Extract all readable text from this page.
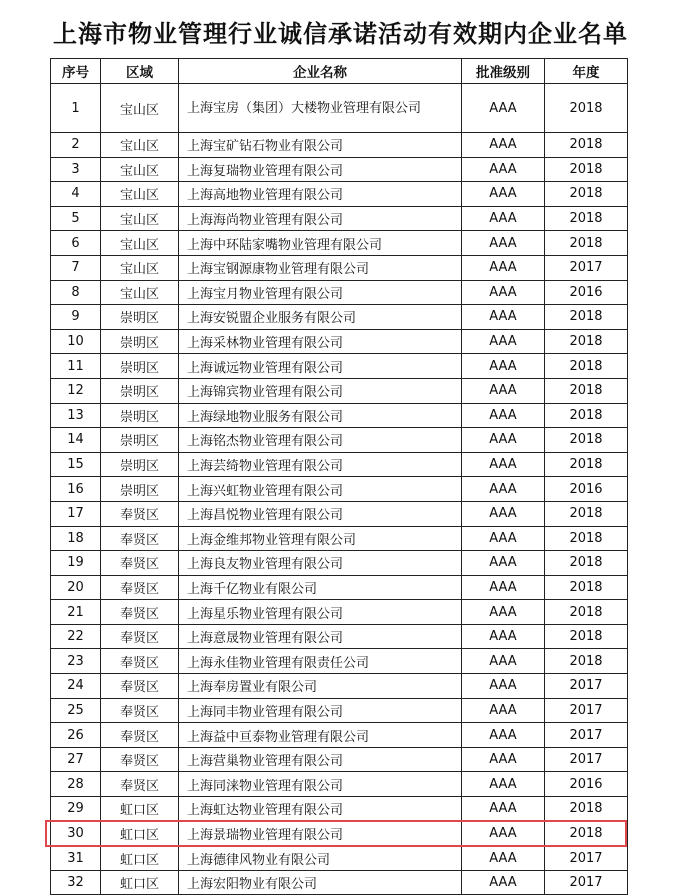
上海市物业管理行业诚信承诺活动有效期内企业名单
序号	区域	企业名称	批准级别	年度
1	宝山区	上海宝房（集团）大楼物业管理有限公司	AAA	2018
2	宝山区	上海宝矿钻石物业有限公司	AAA	2018
3	宝山区	上海复瑞物业管理有限公司	AAA	2018
4	宝山区	上海高地物业管理有限公司	AAA	2018
5	宝山区	上海海尚物业管理有限公司	AAA	2018
6	宝山区	上海中环陆家嘴物业管理有限公司	AAA	2018
7	宝山区	上海宝钢源康物业管理有限公司	AAA	2017
8	宝山区	上海宝月物业管理有限公司	AAA	2016
9	崇明区	上海安锐盟企业服务有限公司	AAA	2018
10	崇明区	上海采林物业管理有限公司	AAA	2018
11	崇明区	上海诚远物业管理有限公司	AAA	2018
12	崇明区	上海锦宾物业管理有限公司	AAA	2018
13	崇明区	上海绿地物业服务有限公司	AAA	2018
14	崇明区	上海铭杰物业管理有限公司	AAA	2018
15	崇明区	上海芸绮物业管理有限公司	AAA	2018
16	崇明区	上海兴虹物业管理有限公司	AAA	2016
17	奉贤区	上海昌悦物业管理有限公司	AAA	2018
18	奉贤区	上海金维邦物业管理有限公司	AAA	2018
19	奉贤区	上海良友物业管理有限公司	AAA	2018
20	奉贤区	上海千亿物业有限公司	AAA	2018
21	奉贤区	上海星乐物业管理有限公司	AAA	2018
22	奉贤区	上海意晟物业管理有限公司	AAA	2018
23	奉贤区	上海永佳物业管理有限责任公司	AAA	2018
24	奉贤区	上海奉房置业有限公司	AAA	2017
25	奉贤区	上海同丰物业管理有限公司	AAA	2017
26	奉贤区	上海益中亘泰物业管理有限公司	AAA	2017
27	奉贤区	上海营巢物业管理有限公司	AAA	2017
28	奉贤区	上海同涞物业管理有限公司	AAA	2016
29	虹口区	上海虹达物业管理有限公司	AAA	2018
30	虹口区	上海景瑞物业管理有限公司	AAA	2018
31	虹口区	上海德律风物业有限公司	AAA	2017
32	虹口区	上海宏阳物业有限公司	AAA	2017
